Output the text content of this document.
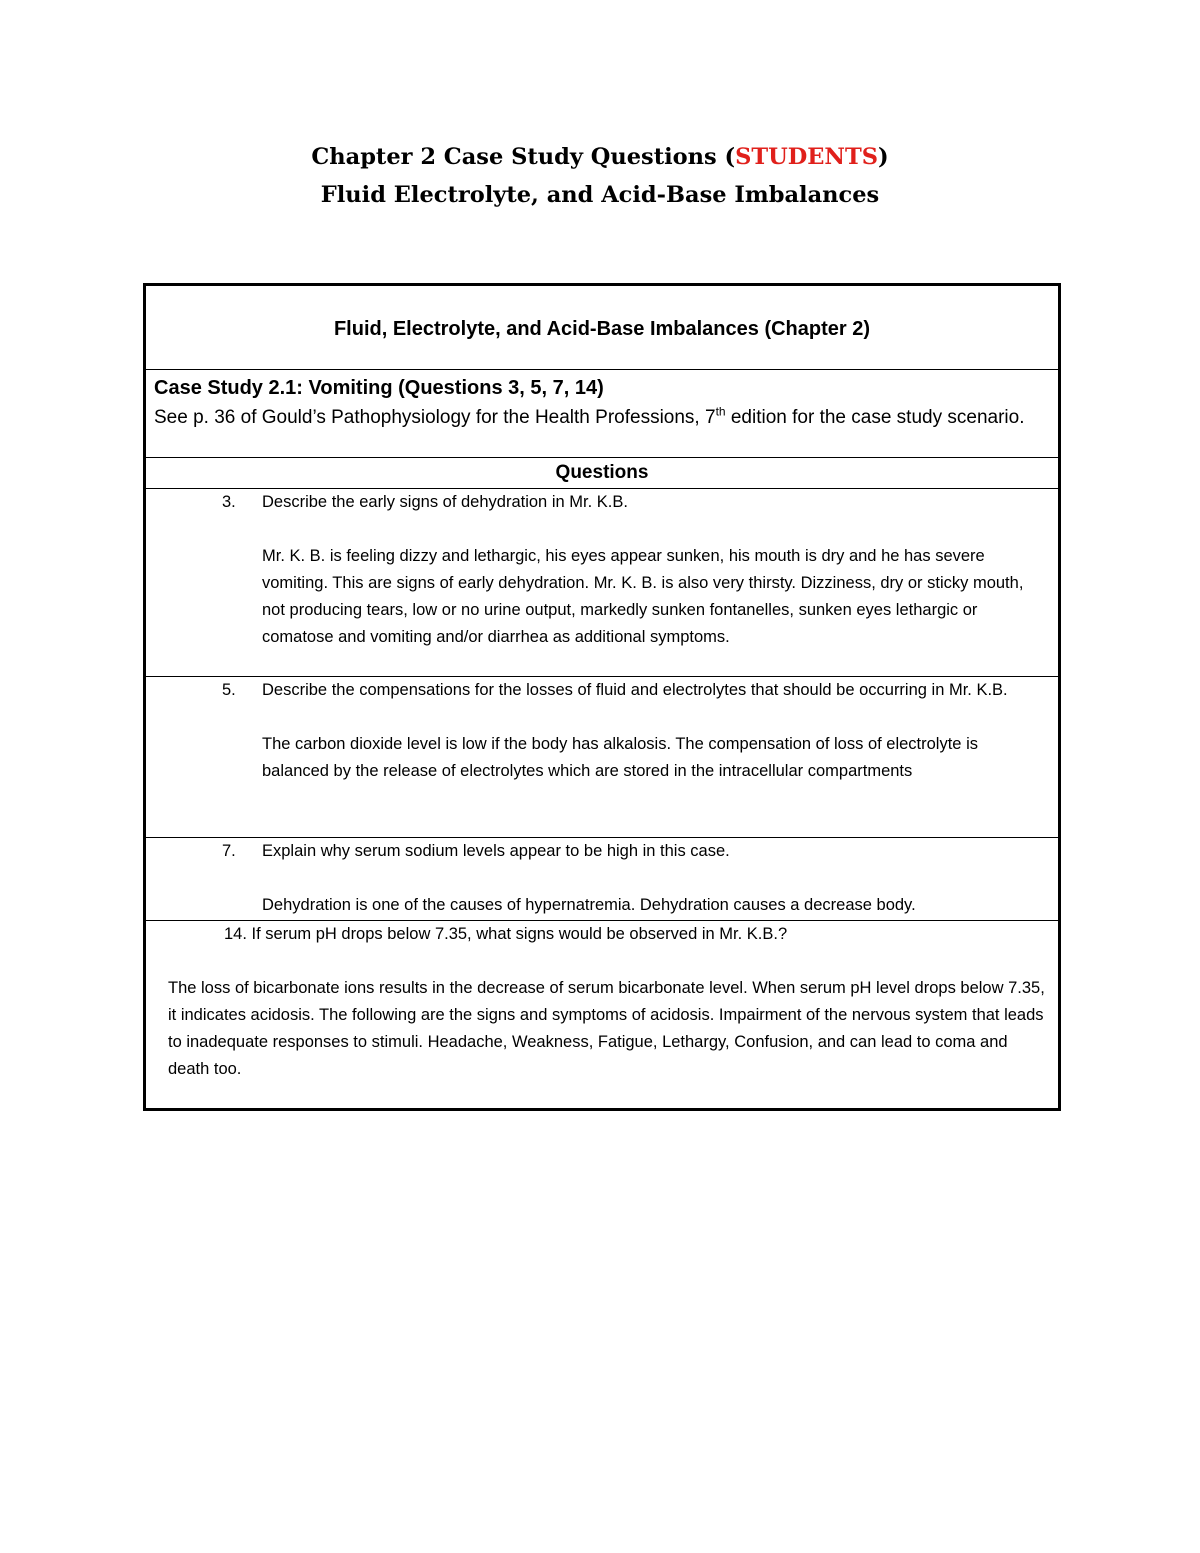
Chapter 2 Case Study Questions (STUDENTS)
Fluid Electrolyte, and Acid-Base Imbalances
Fluid, Electrolyte, and Acid-Base Imbalances (Chapter 2)
Case Study 2.1: Vomiting (Questions 3, 5, 7, 14)
See p. 36 of Gould’s Pathophysiology for the Health Professions, 7th edition for the case study scenario.
Questions
3.	Describe the early signs of dehydration in Mr. K.B.
Mr. K. B. is feeling dizzy and lethargic, his eyes appear sunken, his mouth is dry and he has severe vomiting. This are signs of early dehydration. Mr. K. B. is also very thirsty. Dizziness, dry or sticky mouth, not producing tears, low or no urine output, markedly sunken fontanelles, sunken eyes lethargic or comatose and vomiting and/or diarrhea as additional symptoms.
5.	Describe the compensations for the losses of fluid and electrolytes that should be occurring in Mr. K.B.
The carbon dioxide level is low if the body has alkalosis. The compensation of loss of electrolyte is balanced by the release of electrolytes which are stored in the intracellular compartments
7.	Explain why serum sodium levels appear to be high in this case.
Dehydration is one of the causes of hypernatremia. Dehydration causes a decrease body.
14. If serum pH drops below 7.35, what signs would be observed in Mr. K.B.?
The loss of bicarbonate ions results in the decrease of serum bicarbonate level. When serum pH level drops below 7.35, it indicates acidosis. The following are the signs and symptoms of acidosis. Impairment of the nervous system that leads to inadequate responses to stimuli. Headache, Weakness, Fatigue, Lethargy, Confusion, and can lead to coma and death too.
